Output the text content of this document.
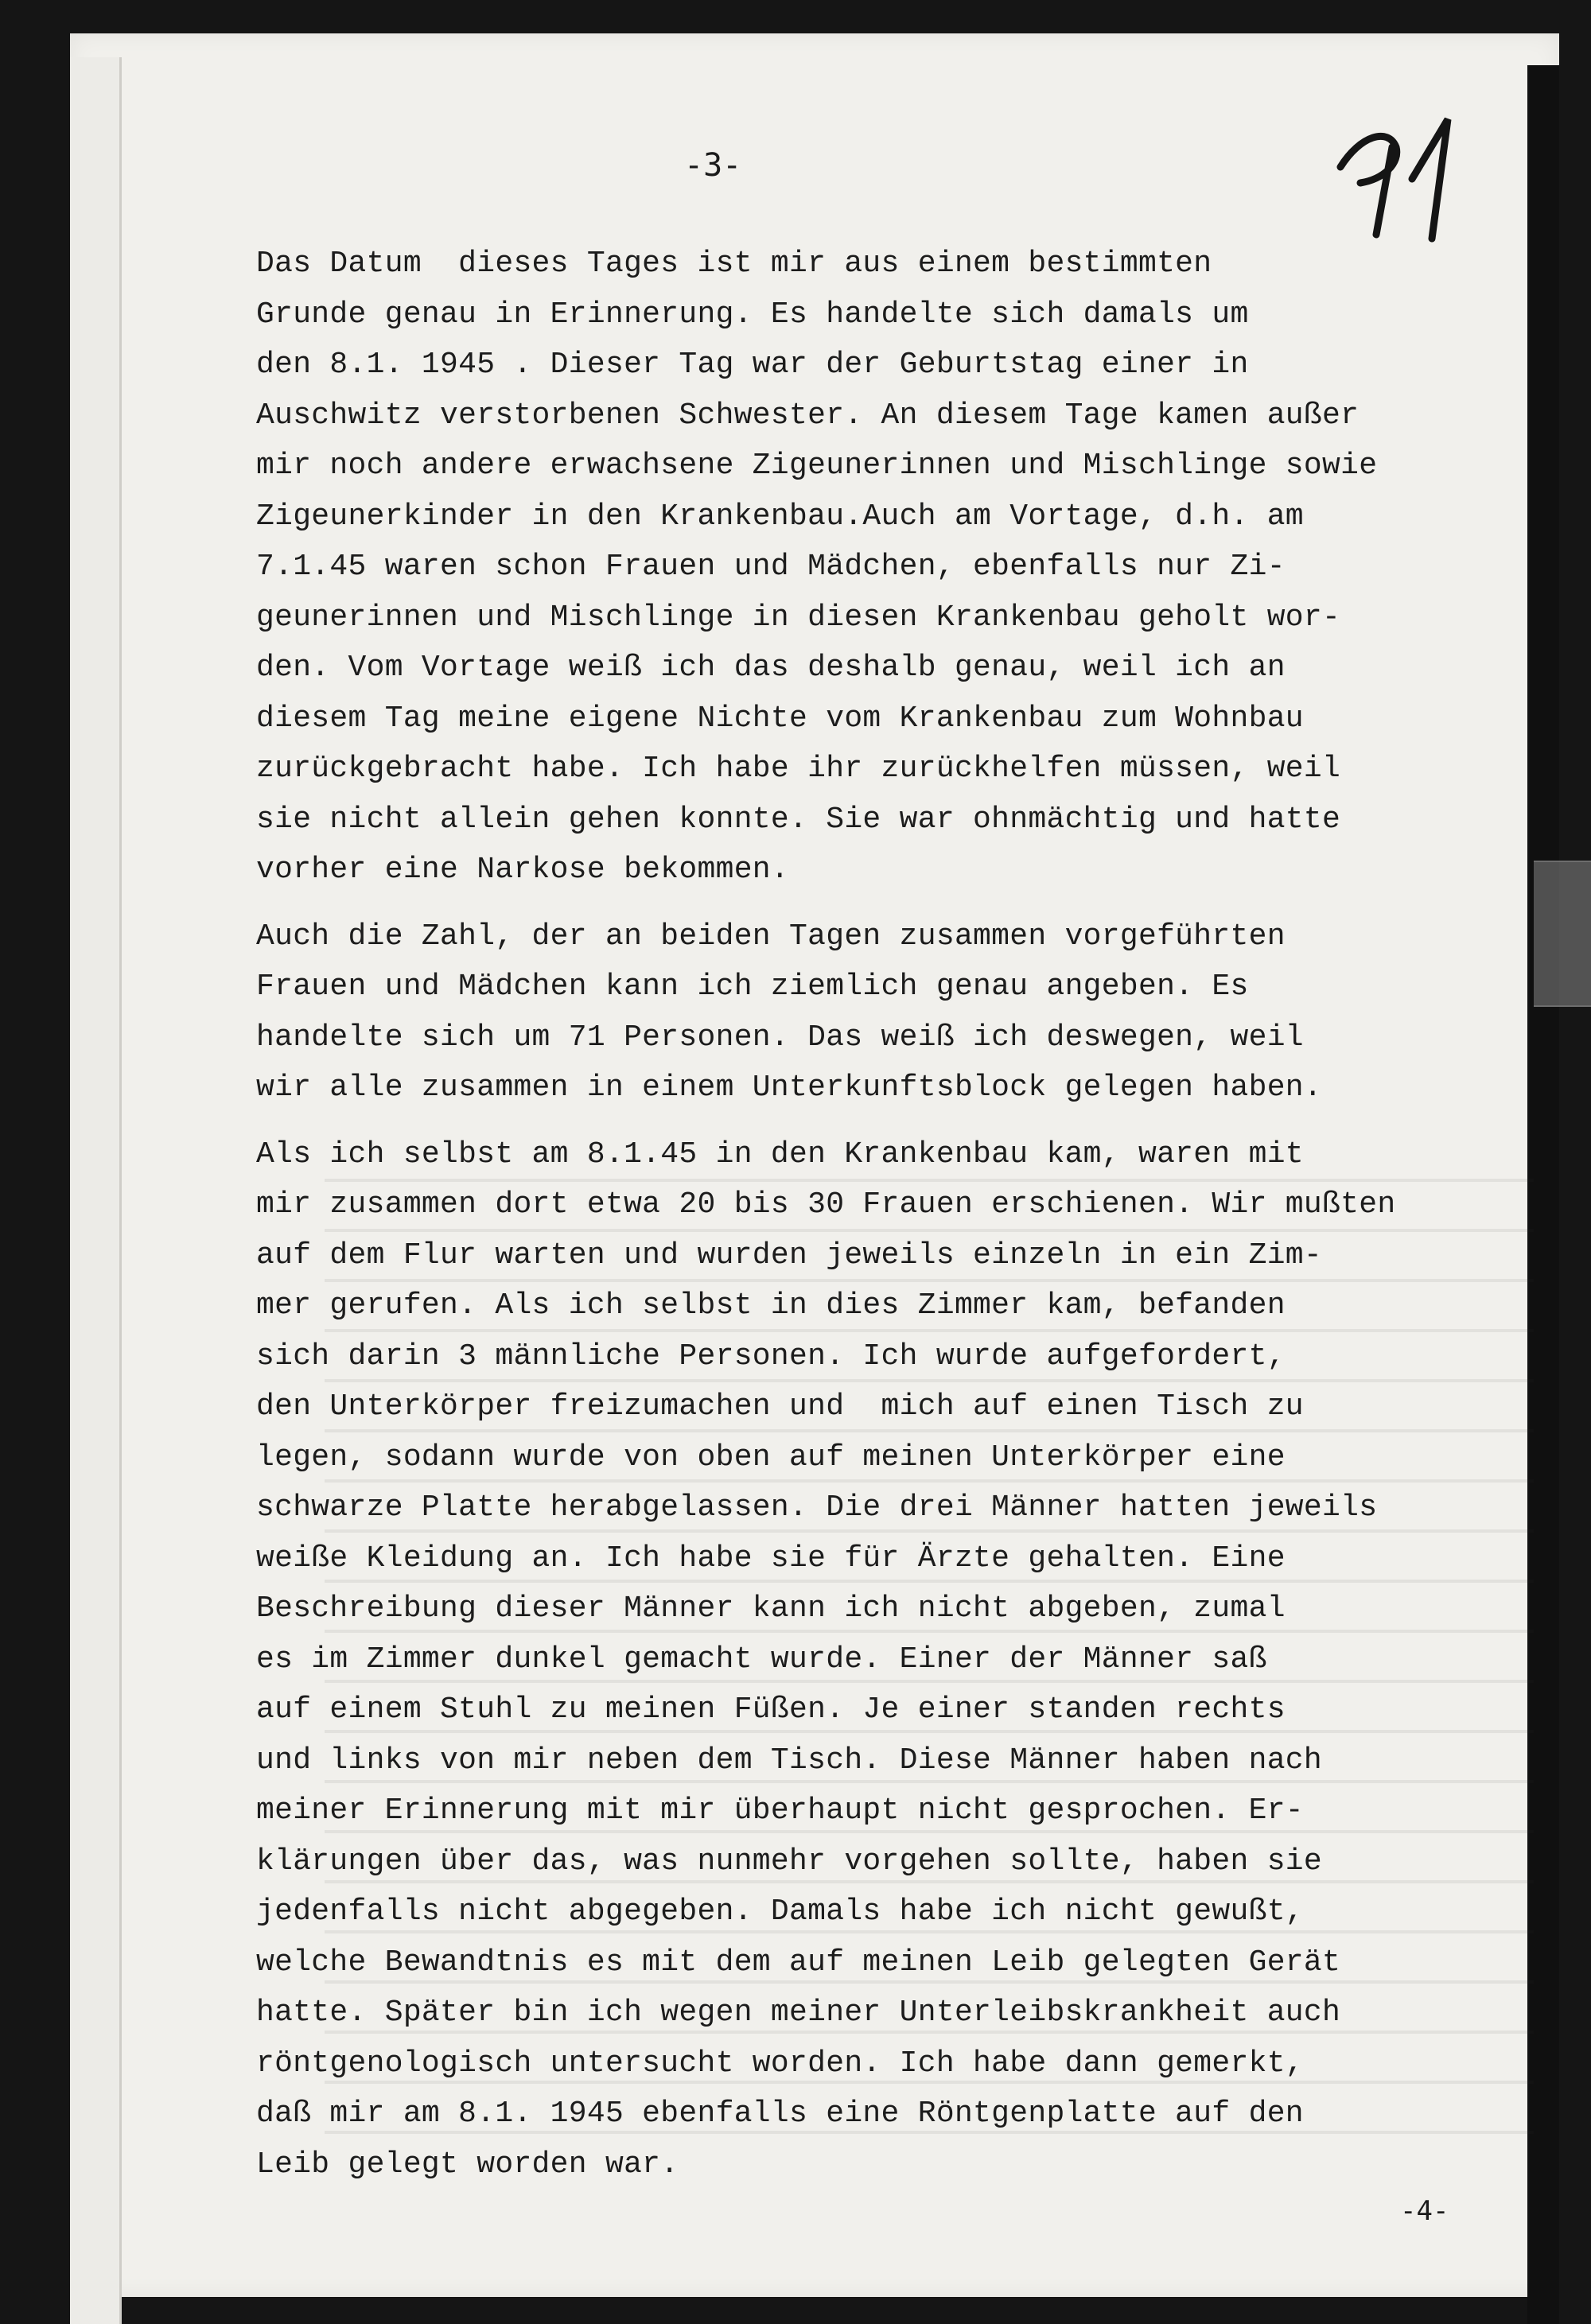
-3-
Das Datum  dieses Tages ist mir aus einem bestimmten
Grunde genau in Erinnerung. Es handelte sich damals um
den 8.1. 1945 . Dieser Tag war der Geburtstag einer in
Auschwitz verstorbenen Schwester. An diesem Tage kamen außer
mir noch andere erwachsene Zigeunerinnen und Mischlinge sowie
Zigeunerkinder in den Krankenbau.Auch am Vortage, d.h. am
7.1.45 waren schon Frauen und Mädchen, ebenfalls nur Zi-
geunerinnen und Mischlinge in diesen Krankenbau geholt wor-
den. Vom Vortage weiß ich das deshalb genau, weil ich an
diesem Tag meine eigene Nichte vom Krankenbau zum Wohnbau
zurückgebracht habe. Ich habe ihr zurückhelfen müssen, weil
sie nicht allein gehen konnte. Sie war ohnmächtig und hatte
vorher eine Narkose bekommen.
Auch die Zahl, der an beiden Tagen zusammen vorgeführten
Frauen und Mädchen kann ich ziemlich genau angeben. Es
handelte sich um 71 Personen. Das weiß ich deswegen, weil
wir alle zusammen in einem Unterkunftsblock gelegen haben.
Als ich selbst am 8.1.45 in den Krankenbau kam, waren mit
mir zusammen dort etwa 20 bis 30 Frauen erschienen. Wir mußten
auf dem Flur warten und wurden jeweils einzeln in ein Zim-
mer gerufen. Als ich selbst in dies Zimmer kam, befanden
sich darin 3 männliche Personen. Ich wurde aufgefordert,
den Unterkörper freizumachen und  mich auf einen Tisch zu
legen, sodann wurde von oben auf meinen Unterkörper eine
schwarze Platte herabgelassen. Die drei Männer hatten jeweils
weiße Kleidung an. Ich habe sie für Ärzte gehalten. Eine
Beschreibung dieser Männer kann ich nicht abgeben, zumal
es im Zimmer dunkel gemacht wurde. Einer der Männer saß
auf einem Stuhl zu meinen Füßen. Je einer standen rechts
und links von mir neben dem Tisch. Diese Männer haben nach
meiner Erinnerung mit mir überhaupt nicht gesprochen. Er-
klärungen über das, was nunmehr vorgehen sollte, haben sie
jedenfalls nicht abgegeben. Damals habe ich nicht gewußt,
welche Bewandtnis es mit dem auf meinen Leib gelegten Gerät
hatte. Später bin ich wegen meiner Unterleibskrankheit auch
röntgenologisch untersucht worden. Ich habe dann gemerkt,
daß mir am 8.1. 1945 ebenfalls eine Röntgenplatte auf den
Leib gelegt worden war.
-4-
